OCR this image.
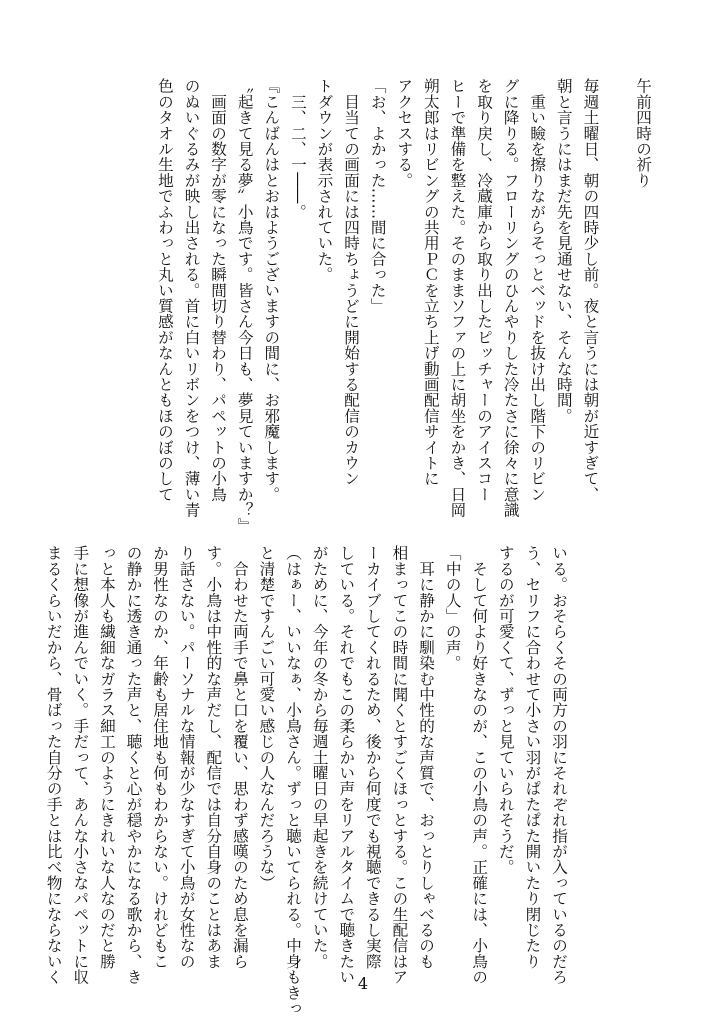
午前四時の祈り
毎週土曜日、朝の四時少し前。夜と言うには朝が近すぎて、
朝と言うにはまだ先を見通せない、そんな時間。
　重い瞼を擦りながらそっとベッドを抜け出し階下のリビン
グに降りる。フローリングのひんやりした冷たさに徐々に意識
を取り戻し、冷蔵庫から取り出したピッチャーのアイスコー
ヒーで準備を整えた。そのままソファの上に胡坐をかき、日岡
朔太郎はリビングの共用ＰＣを立ち上げ動画配信サイトに
アクセスする。
「お、よかった……間に合った」
　目当ての画面には四時ちょうどに開始する配信のカウン
トダウンが表示されていた。
　三、二、一――。
『こんばんはとおはようございますの間に、お邪魔します。
〝起きて見る夢〟小鳥です。皆さん今日も、夢見ていますか？』
　画面の数字が零になった瞬間切り替わり、パペットの小鳥
のぬいぐるみが映し出される。首に白いリボンをつけ、薄い青
色のタオル生地でふわっと丸い質感がなんともほのぼのして
いる。おそらくその両方の羽にそれぞれ指が入っているのだろ
う、セリフに合わせて小さい羽がぱたぱた開いたり閉じたり
するのが可愛くて、ずっと見ていられそうだ。
　そして何より好きなのが、この小鳥の声。正確には、小鳥の
「中の人」の声。
　耳に静かに馴染む中性的な声質で、おっとりしゃべるのも
相まってこの時間に聞くとすごくほっとする。この生配信はア
ーカイブしてくれるため、後から何度でも視聴できるし実際
している。それでもこの柔らかい声をリアルタイムで聴きたい
がために、今年の冬から毎週土曜日の早起きを続けていた。
（はぁー、いいなぁ、小鳥さん。ずっと聴いてられる。中身もきっ
と清楚ですんごい可愛い感じの人なんだろうな）
　合わせた両手で鼻と口を覆い、思わず感嘆のため息を漏ら
す。小鳥は中性的な声だし、配信では自分自身のことはあま
り話さない。パーソナルな情報が少なすぎて小鳥が女性なの
か男性なのか、年齢も居住地も何もわからない。けれどもこ
の静かに透き通った声と、聴くと心が穏やかになる歌から、き
っと本人も繊細なガラス細工のようにきれいな人なのだと勝
手に想像が進んでいく。手だって、あんな小さなパペットに収
まるくらいだから、骨ばった自分の手とは比べ物にならないく	4
